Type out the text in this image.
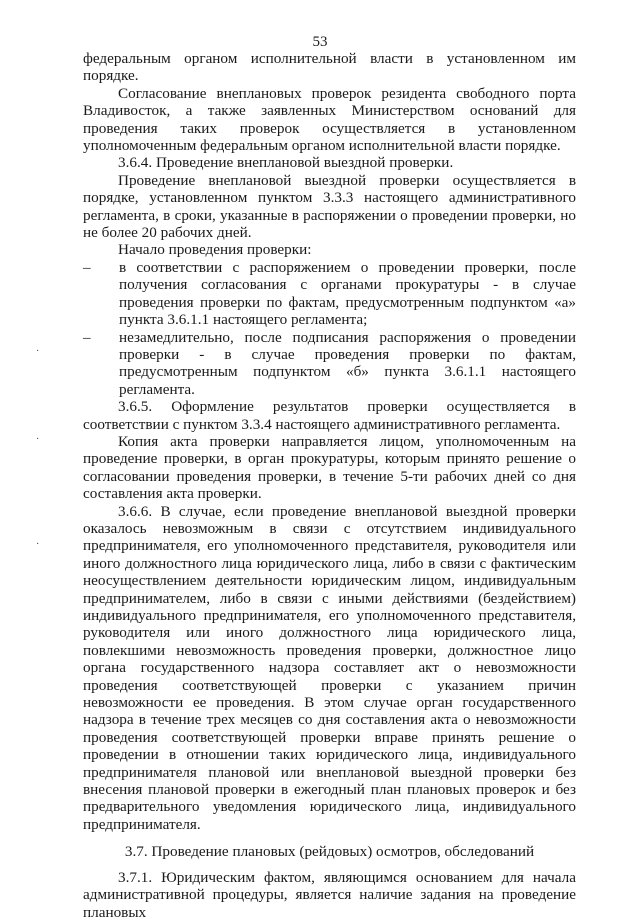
53

федеральным органом исполнительной власти в установленном им порядке.

Согласование внеплановых проверок резидента свободного порта Владивосток, а также заявленных Министерством оснований для проведения таких проверок осуществляется в установленном уполномоченным федеральным органом исполнительной власти порядке.

3.6.4. Проведение внеплановой выездной проверки.

Проведение внеплановой выездной проверки осуществляется в порядке, установленном пунктом 3.3.3 настоящего административного регламента, в сроки, указанные в распоряжении о проведении проверки, но не более 20 рабочих дней.

Начало проведения проверки:

– в соответствии с распоряжением о проведении проверки, после получения согласования с органами прокуратуры - в случае проведения проверки по фактам, предусмотренным подпунктом «а» пункта 3.6.1.1 настоящего регламента;
– незамедлительно, после подписания распоряжения о проведении проверки - в случае проведения проверки по фактам, предусмотренным подпунктом «б» пункта 3.6.1.1 настоящего регламента.

3.6.5. Оформление результатов проверки осуществляется в соответствии с пунктом 3.3.4 настоящего административного регламента.

Копия акта проверки направляется лицом, уполномоченным на проведение проверки, в орган прокуратуры, которым принято решение о согласовании проведения проверки, в течение 5-ти рабочих дней со дня составления акта проверки.

3.6.6. В случае, если проведение внеплановой выездной проверки оказалось невозможным в связи с отсутствием индивидуального предпринимателя, его уполномоченного представителя, руководителя или иного должностного лица юридического лица, либо в связи с фактическим неосуществлением деятельности юридическим лицом, индивидуальным предпринимателем, либо в связи с иными действиями (бездействием) индивидуального предпринимателя, его уполномоченного представителя, руководителя или иного должностного лица юридического лица, повлекшими невозможность проведения проверки, должностное лицо органа государственного надзора составляет акт о невозможности проведения соответствующей проверки с указанием причин невозможности ее проведения. В этом случае орган государственного надзора в течение трех месяцев со дня составления акта о невозможности проведения соответствующей проверки вправе принять решение о проведении в отношении таких юридического лица, индивидуального предпринимателя плановой или внеплановой выездной проверки без внесения плановой проверки в ежегодный план плановых проверок и без предварительного уведомления юридического лица, индивидуального предпринимателя.

3.7. Проведение плановых (рейдовых) осмотров, обследований

3.7.1. Юридическим фактом, являющимся основанием для начала административной процедуры, является наличие задания на проведение плановых

·
·
·
